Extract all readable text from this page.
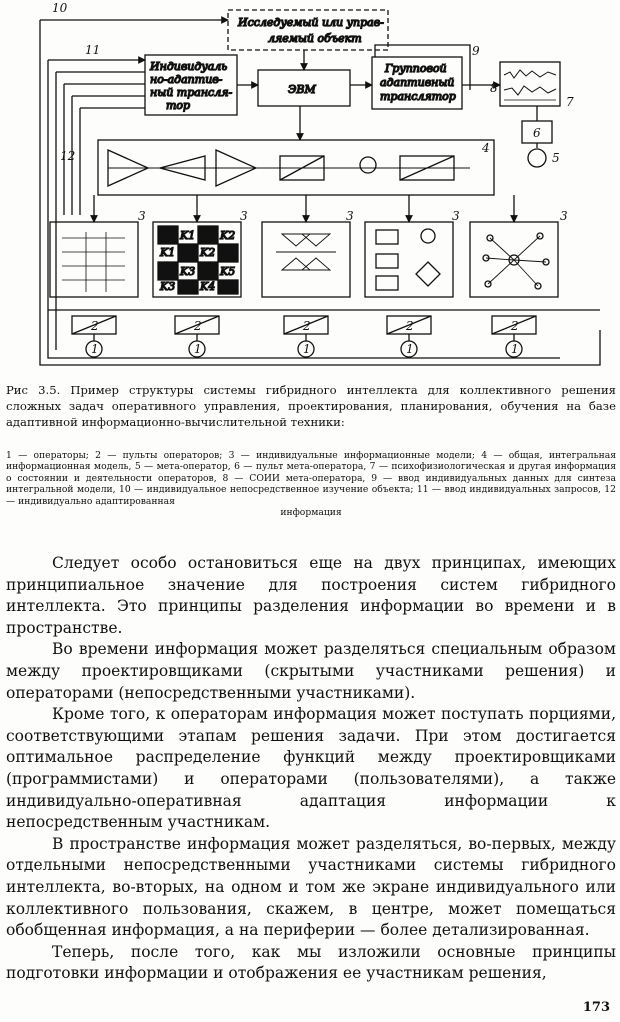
Исследуемый или управ-
ляемый объект
Индивидуаль
но-адаптив-
ный трансля-
тор
ЭВМ
Групповой
адаптивный
транслятор
K1 K2
K1 K2
K3
K3 K4
K5
K4 K5
10
11	9
8
7
6
5
12
4
3	3	3	3	3
2	2	2	2	2
1	1	1	1	1
Рис 3.5. Пример структуры системы гибридного интеллекта для коллективного решения сложных задач оперативного управления, проектирования, планирования, обучения на базе адаптивной информационно-вычислительной техники:
1 — операторы; 2 — пульты операторов; 3 — индивидуальные информационные модели; 4 — общая, интегральная информационная модель, 5 — мета-оператор, 6 — пульт мета-оператора, 7 — психофизиологическая и другая информация о состоянии и деятельности операторов, 8 — СОИИ мета-оператора, 9 — ввод индивидуальных данных для синтеза интегральной модели, 10 — индивидуальное непосредственное изучение объекта; 11 — ввод индивидуальных запросов, 12 — индивидуально адаптированная
информация

Следует особо остановиться еще на двух принципах, имеющих принципиальное значение для построения систем гибридного интеллекта. Это принципы разделения информации во времени и в пространстве.

Во времени информация может разделяться специальным образом между проектировщиками (скрытыми участниками решения) и операторами (непосредственными участниками).

Кроме того, к операторам информация может поступать порциями, соответствующими этапам решения задачи. При этом достигается оптимальное распределение функций между проектировщиками (программистами) и операторами (пользователями), а также индивидуально-оперативная адаптация информации к непосредственным участникам.

В пространстве информация может разделяться, во-первых, между отдельными непосредственными участниками системы гибридного интеллекта, во-вторых, на одном и том же экране индивидуального или коллективного пользования, скажем, в центре, может помещаться обобщенная информация, а на периферии — более детализированная.

Теперь, после того, как мы изложили основные принципы подготовки информации и отображения ее участникам решения,

173
